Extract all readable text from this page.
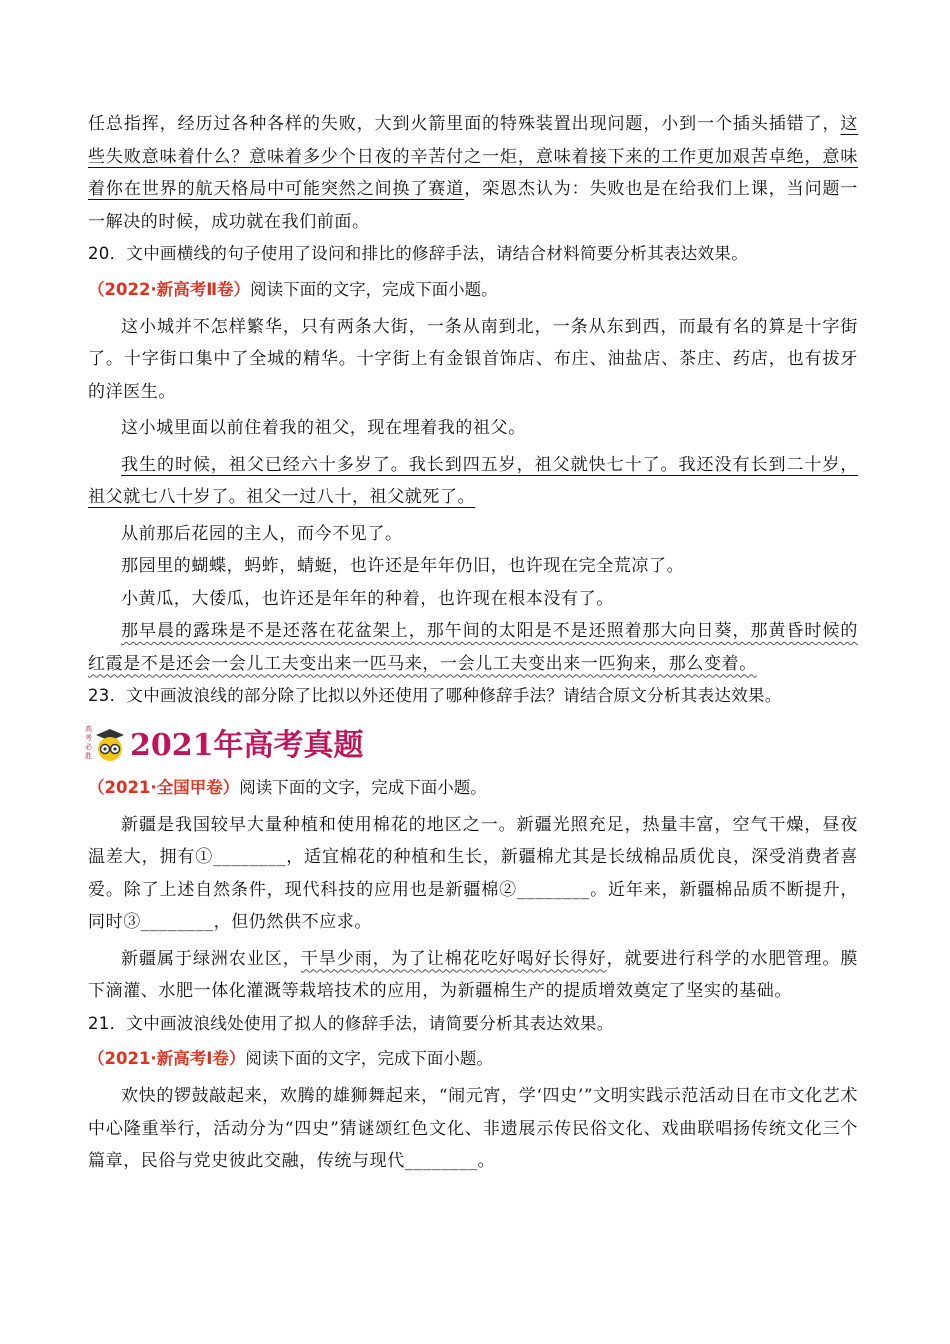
任总指挥，经历过各种各样的失败，大到火箭里面的特殊装置出现问题，小到一个插头插错了，这些失败意味着什么？意味着多少个日夜的辛苦付之一炬，意味着接下来的工作更加艰苦卓绝，意味着你在世界的航天格局中可能突然之间换了赛道，栾恩杰认为：失败也是在给我们上课，当问题一一解决的时候，成功就在我们前面。

20．文中画横线的句子使用了设问和排比的修辞手法，请结合材料简要分析其表达效果。

（2022·新高考Ⅱ卷）阅读下面的文字，完成下面小题。

这小城并不怎样繁华，只有两条大街，一条从南到北，一条从东到西，而最有名的算是十字街了。十字街口集中了全城的精华。十字街上有金银首饰店、布庄、油盐店、茶庄、药店，也有拔牙的洋医生。

这小城里面以前住着我的祖父，现在埋着我的祖父。

我生的时候，祖父已经六十多岁了。我长到四五岁，祖父就快七十了。我还没有长到二十岁，祖父就七八十岁了。祖父一过八十，祖父就死了。

从前那后花园的主人，而今不见了。

那园里的蝴蝶，蚂蚱，蜻蜓，也许还是年年仍旧，也许现在完全荒凉了。

小黄瓜，大倭瓜，也许还是年年的种着，也许现在根本没有了。

那早晨的露珠是不是还落在花盆架上，那午间的太阳是不是还照着那大向日葵，那黄昏时候的红霞是不是还会一会儿工夫变出来一匹马来，一会儿工夫变出来一匹狗来，那么变着。

23．文中画波浪线的部分除了比拟以外还使用了哪种修辞手法？请结合原文分析其表达效果。

高
考
必
胜 2021年高考真题

（2021·全国甲卷）阅读下面的文字，完成下面小题。

新疆是我国较早大量种植和使用棉花的地区之一。新疆光照充足，热量丰富，空气干燥，昼夜温差大，拥有①________，适宜棉花的种植和生长，新疆棉尤其是长绒棉品质优良，深受消费者喜爱。除了上述自然条件，现代科技的应用也是新疆棉②________。近年来，新疆棉品质不断提升，同时③________，但仍然供不应求。

新疆属于绿洲农业区，干旱少雨，为了让棉花吃好喝好长得好，就要进行科学的水肥管理。膜下滴灌、水肥一体化灌溉等栽培技术的应用，为新疆棉生产的提质增效奠定了坚实的基础。

21．文中画波浪线处使用了拟人的修辞手法，请简要分析其表达效果。

（2021·新高考Ⅰ卷）阅读下面的文字，完成下面小题。

欢快的锣鼓敲起来，欢腾的雄狮舞起来，“闹元宵，学‘四史’”文明实践示范活动日在市文化艺术中心隆重举行，活动分为“四史”猜谜颂红色文化、非遗展示传民俗文化、戏曲联唱扬传统文化三个篇章，民俗与党史彼此交融，传统与现代________。
